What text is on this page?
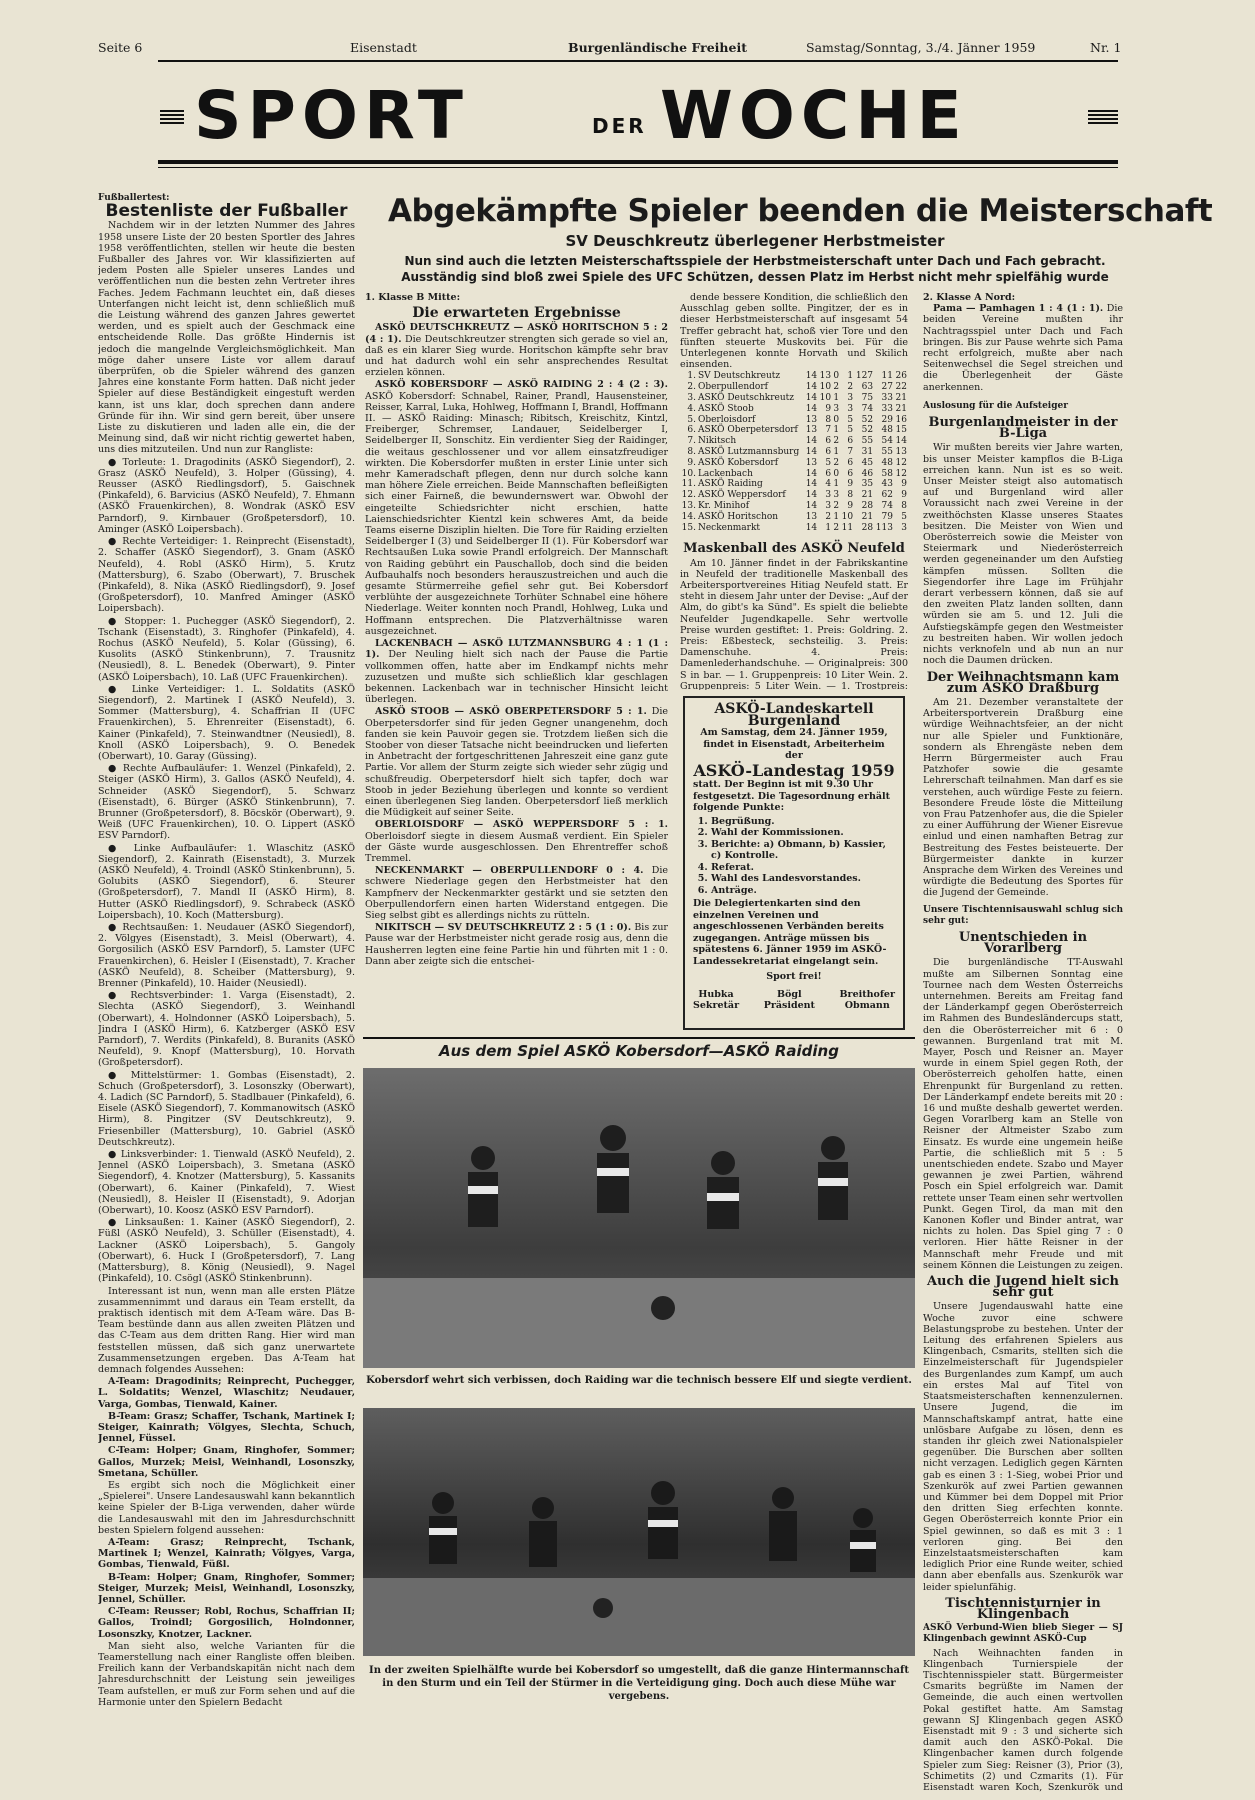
Seite 6	Eisenstadt	Burgenländische Freiheit	Samstag/Sonntag, 3./4. Jänner 1959	Nr. 1
SPORT	DER WOCHE
Fußballertest:
Bestenliste der Fußballer

Nachdem wir in der letzten Nummer des Jahres 1958 unsere Liste der 20 besten Sportler des Jahres 1958 veröffentlichten, stellen wir heute die besten Fußballer des Jahres vor. Wir klassifizierten auf jedem Posten alle Spieler unseres Landes und veröffentlichen nun die besten zehn Vertreter ihres Faches. Jedem Fachmann leuchtet ein, daß dieses Unterfangen nicht leicht ist, denn schließlich muß die Leistung während des ganzen Jahres gewertet werden, und es spielt auch der Geschmack eine entscheidende Rolle. Das größte Hindernis ist jedoch die mangelnde Vergleichsmöglichkeit. Man möge daher unsere Liste vor allem darauf überprüfen, ob die Spieler während des ganzen Jahres eine konstante Form hatten. Daß nicht jeder Spieler auf diese Beständigkeit eingestuft werden kann, ist uns klar, doch sprechen dann andere Gründe für ihn. Wir sind gern bereit, über unsere Liste zu diskutieren und laden alle ein, die der Meinung sind, daß wir nicht richtig gewertet haben, uns dies mitzuteilen. Und nun zur Rangliste:

● Torleute: 1. Dragodinits (ASKÖ Siegendorf), 2. Grasz (ASKÖ Neufeld), 3. Holper (Güssing), 4. Reusser (ASKÖ Riedlingsdorf), 5. Gaischnek (Pinkafeld), 6. Barvicius (ASKÖ Neufeld), 7. Ehmann (ASKÖ Frauenkirchen), 8. Wondrak (ASKÖ ESV Parndorf), 9. Kirnbauer (Großpetersdorf), 10. Aminger (ASKÖ Loipersbach).

● Rechte Verteidiger: 1. Reinprecht (Eisenstadt), 2. Schaffer (ASKÖ Siegendorf), 3. Gnam (ASKÖ Neufeld), 4. Robl (ASKÖ Hirm), 5. Krutz (Mattersburg), 6. Szabo (Oberwart), 7. Bruschek (Pinkafeld), 8. Nika (ASKÖ Riedlingsdorf), 9. Josef (Großpetersdorf), 10. Manfred Aminger (ASKÖ Loipersbach).

● Stopper: 1. Puchegger (ASKÖ Siegendorf), 2. Tschank (Eisenstadt), 3. Ringhofer (Pinkafeld), 4. Rochus (ASKÖ Neufeld), 5. Kolar (Güssing), 6. Kusolits (ASKÖ Stinkenbrunn), 7. Trausnitz (Neusiedl), 8. L. Benedek (Oberwart), 9. Pinter (ASKÖ Loipersbach), 10. Laß (UFC Frauenkirchen).

● Linke Verteidiger: 1. L. Soldatits (ASKÖ Siegendorf), 2. Martinek I (ASKÖ Neufeld), 3. Sommer (Mattersburg), 4. Schaffrian II (UFC Frauenkirchen), 5. Ehrenreiter (Eisenstadt), 6. Kainer (Pinkafeld), 7. Steinwandtner (Neusiedl), 8. Knoll (ASKÖ Loipersbach), 9. O. Benedek (Oberwart), 10. Garay (Güssing).

● Rechte Aufbauläufer: 1. Wenzel (Pinkafeld), 2. Steiger (ASKÖ Hirm), 3. Gallos (ASKÖ Neufeld), 4. Schneider (ASKÖ Siegendorf), 5. Schwarz (Eisenstadt), 6. Bürger (ASKÖ Stinkenbrunn), 7. Brunner (Großpetersdorf), 8. Böcskör (Oberwart), 9. Weiß (UFC Frauenkirchen), 10. O. Lippert (ASKÖ ESV Parndorf).

● Linke Aufbauläufer: 1. Wlaschitz (ASKÖ Siegendorf), 2. Kainrath (Eisenstadt), 3. Murzek (ASKÖ Neufeld), 4. Troindl (ASKÖ Stinkenbrunn), 5. Golubits (ASKÖ Siegendorf), 6. Steurer (Großpetersdorf), 7. Mandl II (ASKÖ Hirm), 8. Hutter (ASKÖ Riedlingsdorf), 9. Schrabeck (ASKÖ Loipersbach), 10. Koch (Mattersburg).

● Rechtsaußen: 1. Neudauer (ASKÖ Siegendorf), 2. Völgyes (Eisenstadt), 3. Meisl (Oberwart), 4. Gorgosilich (ASKÖ ESV Parndorf), 5. Lamster (UFC Frauenkirchen), 6. Heisler I (Eisenstadt), 7. Kracher (ASKÖ Neufeld), 8. Scheiber (Mattersburg), 9. Brenner (Pinkafeld), 10. Haider (Neusiedl).

● Rechtsverbinder: 1. Varga (Eisenstadt), 2. Slechta (ASKÖ Siegendorf), 3. Weinhandl (Oberwart), 4. Holndonner (ASKÖ Loipersbach), 5. Jindra I (ASKÖ Hirm), 6. Katzberger (ASKÖ ESV Parndorf), 7. Werdits (Pinkafeld), 8. Buranits (ASKÖ Neufeld), 9. Knopf (Mattersburg), 10. Horvath (Großpetersdorf).

● Mittelstürmer: 1. Gombas (Eisenstadt), 2. Schuch (Großpetersdorf), 3. Losonszky (Oberwart), 4. Ladich (SC Parndorf), 5. Stadlbauer (Pinkafeld), 6. Eisele (ASKÖ Siegendorf), 7. Kommanowitsch (ASKÖ Hirm), 8. Pingitzer (SV Deutschkreutz), 9. Friesenbiller (Mattersburg), 10. Gabriel (ASKÖ Deutschkreutz).

● Linksverbinder: 1. Tienwald (ASKÖ Neufeld), 2. Jennel (ASKÖ Loipersbach), 3. Smetana (ASKÖ Siegendorf), 4. Knotzer (Mattersburg), 5. Kassanits (Oberwart), 6. Kainer (Pinkafeld), 7. Wiest (Neusiedl), 8. Heisler II (Eisenstadt), 9. Adorjan (Oberwart), 10. Koosz (ASKÖ ESV Parndorf).

● Linksaußen: 1. Kainer (ASKÖ Siegendorf), 2. Füßl (ASKÖ Neufeld), 3. Schüller (Eisenstadt), 4. Lackner (ASKÖ Loipersbach), 5. Gangoly (Oberwart), 6. Huck I (Großpetersdorf), 7. Lang (Mattersburg), 8. König (Neusiedl), 9. Nagel (Pinkafeld), 10. Csögl (ASKÖ Stinkenbrunn).

Interessant ist nun, wenn man alle ersten Plätze zusammennimmt und daraus ein Team erstellt, da praktisch identisch mit dem A-Team wäre. Das B-Team bestünde dann aus allen zweiten Plätzen und das C-Team aus dem dritten Rang. Hier wird man feststellen müssen, daß sich ganz unerwartete Zusammensetzungen ergeben. Das A-Team hat demnach folgendes Aussehen:

A-Team: Dragodinits; Reinprecht, Puchegger, L. Soldatits; Wenzel, Wlaschitz; Neudauer, Varga, Gombas, Tienwald, Kainer.

B-Team: Grasz; Schaffer, Tschank, Martinek I; Steiger, Kainrath; Völgyes, Slechta, Schuch, Jennel, Füssel.

C-Team: Holper; Gnam, Ringhofer, Sommer; Gallos, Murzek; Meisl, Weinhandl, Losonszky, Smetana, Schüller.

Es ergibt sich noch die Möglichkeit einer „Spielerei". Unsere Landesauswahl kann bekanntlich keine Spieler der B-Liga verwenden, daher würde die Landesauswahl mit den im Jahresdurchschnitt besten Spielern folgend aussehen:

A-Team: Grasz; Reinprecht, Tschank, Martinek I; Wenzel, Kainrath; Völgyes, Varga, Gombas, Tienwald, Füßl.

B-Team: Holper; Gnam, Ringhofer, Sommer; Steiger, Murzek; Meisl, Weinhandl, Losonszky, Jennel, Schüller.

C-Team: Reusser; Robl, Rochus, Schaffrian II; Gallos, Troindl; Gorgosilich, Holndonner, Losonszky, Knotzer, Lackner.

Man sieht also, welche Varianten für die Teamerstellung nach einer Rangliste offen bleiben. Freilich kann der Verbandskapitän nicht nach dem Jahresdurchschnitt der Leistung sein jeweiliges Team aufstellen, er muß zur Form sehen und auf die Harmonie unter den Spielern Bedacht

Abgekämpfte Spieler beenden die Meisterschaft
SV Deuschkreutz überlegener Herbstmeister
Nun sind auch die letzten Meisterschaftsspiele der Herbstmeisterschaft unter Dach und Fach gebracht. Ausständig sind bloß zwei Spiele des UFC Schützen, dessen Platz im Herbst nicht mehr spielfähig wurde
1. Klasse B Mitte:
Die erwarteten Ergebnisse

ASKÖ DEUTSCHKREUTZ — ASKÖ HORITSCHON 5 : 2 (4 : 1). Die Deutschkreutzer strengten sich gerade so viel an, daß es ein klarer Sieg wurde. Horitschon kämpfte sehr brav und hat dadurch wohl ein sehr ansprechendes Resultat erzielen können.

ASKÖ KOBERSDORF — ASKÖ RAIDING 2 : 4 (2 : 3). ASKÖ Kobersdorf: Schnabel, Rainer, Prandl, Hausensteiner, Reisser, Karral, Luka, Hohlweg, Hoffmann I, Brandl, Hoffmann II. — ASKÖ Raiding: Minasch; Ribitsch, Kreischitz, Kintzl, Freiberger, Schremser, Landauer, Seidelberger I, Seidelberger II, Sonschitz. Ein verdienter Sieg der Raidinger, die weitaus geschlossener und vor allem einsatzfreudiger wirkten. Die Kobersdorfer mußten in erster Linie unter sich mehr Kameradschaft pflegen, denn nur durch solche kann man höhere Ziele erreichen. Beide Mannschaften befleißigten sich einer Fairneß, die bewundernswert war. Obwohl der eingeteilte Schiedsrichter nicht erschien, hatte Laienschiedsrichter Kientzl kein schweres Amt, da beide Teams eiserne Disziplin hielten. Die Tore für Raiding erzielten Seidelberger I (3) und Seidelberger II (1). Für Kobersdorf war Rechtsaußen Luka sowie Prandl erfolgreich. Der Mannschaft von Raiding gebührt ein Pauschallob, doch sind die beiden Aufbauhalfs noch besonders herauszustreichen und auch die gesamte Stürmerreihe gefiel sehr gut. Bei Kobersdorf verblühte der ausgezeichnete Torhüter Schnabel eine höhere Niederlage. Weiter konnten noch Prandl, Hohlweg, Luka und Hoffmann entsprechen. Die Platzverhältnisse waren ausgezeichnet.

LACKENBACH — ASKÖ LUTZMANNSBURG 4 : 1 (1 : 1). Der Neuling hielt sich nach der Pause die Partie vollkommen offen, hatte aber im Endkampf nichts mehr zuzusetzen und mußte sich schließlich klar geschlagen bekennen. Lackenbach war in technischer Hinsicht leicht überlegen.

ASKÖ STOOB — ASKÖ OBERPETERSDORF 5 : 1. Die Oberpetersdorfer sind für jeden Gegner unangenehm, doch fanden sie kein Pauvoir gegen sie. Trotzdem ließen sich die Stoober von dieser Tatsache nicht beeindrucken und lieferten in Anbetracht der fortgeschrittenen Jahreszeit eine ganz gute Partie. Vor allem der Sturm zeigte sich wieder sehr zügig und schußfreudig. Oberpetersdorf hielt sich tapfer, doch war Stoob in jeder Beziehung überlegen und konnte so verdient einen überlegenen Sieg landen. Oberpetersdorf ließ merklich die Müdigkeit auf seiner Seite.

OBERLOISDORF — ASKÖ WEPPERSDORF 5 : 1. Oberloisdorf siegte in diesem Ausmaß verdient. Ein Spieler der Gäste wurde ausgeschlossen. Den Ehrentreffer schoß Tremmel.

NECKENMARKT — OBERPULLENDORF 0 : 4. Die schwere Niederlage gegen den Herbstmeister hat den Kampfnerv der Neckenmarkter gestärkt und sie setzten den Oberpullendorfern einen harten Widerstand entgegen. Die Sieg selbst gibt es allerdings nichts zu rütteln.

NIKITSCH — SV DEUTSCHKREUTZ 2 : 5 (1 : 0). Bis zur Pause war der Herbstmeister nicht gerade rosig aus, denn die Hausherren legten eine feine Partie hin und führten mit 1 : 0. Dann aber zeigte sich die entschei-

dende bessere Kondition, die schließlich den Ausschlag geben sollte. Pingitzer, der es in dieser Herbstmeisterschaft auf insgesamt 54 Treffer gebracht hat, schoß vier Tore und den fünften steuerte Muskovits bei. Für die Unterlegenen konnte Horvath und Skilich einsenden.

1.	SV Deutschkreutz	14	13	0	1	127	11	26
2.	Oberpullendorf	14	10	2	2	63	27	22
3.	ASKÖ Deutschkreutz	14	10	1	3	75	33	21
4.	ASKÖ Stoob	14	9	3	3	74	33	21
5.	Oberloisdorf	13	8	0	5	52	29	16
6.	ASKÖ Oberpetersdorf	13	7	1	5	52	48	15
7.	Nikitsch	14	6	2	6	55	54	14
8.	ASKÖ Lutzmannsburg	14	6	1	7	31	55	13
9.	ASKÖ Kobersdorf	13	5	2	6	45	48	12
10.	Lackenbach	14	6	0	6	46	58	12
11.	ASKÖ Raiding	14	4	1	9	35	43	9
12.	ASKÖ Weppersdorf	14	3	3	8	21	62	9
13.	Kr. Minihof	14	3	2	9	28	74	8
14.	ASKÖ Horitschon	13	2	1	10	21	79	5
15.	Neckenmarkt	14	1	2	11	28	113	3
Maskenball des ASKÖ Neufeld

Am 10. Jänner findet in der Fabrikskantine in Neufeld der traditionelle Maskenball des Arbeitersportvereines Hitiag Neufeld statt. Er steht in diesem Jahr unter der Devise: „Auf der Alm, do gibt's ka Sünd". Es spielt die beliebte Neufelder Jugendkapelle. Sehr wertvolle Preise wurden gestiftet: 1. Preis: Goldring. 2. Preis: Eßbesteck, sechsteilig. 3. Preis: Damenschuhe. 4. Preis: Damenlederhandschuhe. — Originalpreis: 300 S in bar. — 1. Gruppenpreis: 10 Liter Wein. 2. Gruppenpreis: 5 Liter Wein. — 1. Trostpreis:

ASKÖ-Landeskartell Burgenland
Am Samstag, dem 24. Jänner 1959, findet in Eisenstadt, Arbeiterheim der
ASKÖ-Landestag 1959
statt. Der Beginn ist mit 9.30 Uhr festgesetzt. Die Tagesordnung erhält folgende Punkte:
1. Begrüßung.
2. Wahl der Kommissionen.
3. Berichte: a) Obmann, b) Kassier, c) Kontrolle.
4. Referat.
5. Wahl des Landesvorstandes.
6. Anträge.
Die Delegiertenkarten sind den einzelnen Vereinen und angeschlossenen Verbänden bereits zugegangen. Anträge müssen bis spätestens 6. Jänner 1959 im ASKÖ-Landessekretariat eingelangt sein.
Sport frei!
Hubka
Sekretär
Bögl
Präsident
Breithofer
Obmann
Aus dem Spiel ASKÖ Kobersdorf—ASKÖ Raiding
Kobersdorf wehrt sich verbissen, doch Raiding war die technisch bessere Elf und siegte verdient.
In der zweiten Spielhälfte wurde bei Kobersdorf so umgestellt, daß die ganze Hintermannschaft in den Sturm und ein Teil der Stürmer in die Verteidigung ging. Doch auch diese Mühe war vergebens.
2. Klasse A Nord:

Pama — Pamhagen 1 : 4 (1 : 1). Die beiden Vereine mußten ihr Nachtragsspiel unter Dach und Fach bringen. Bis zur Pause wehrte sich Pama recht erfolgreich, mußte aber nach Seitenwechsel die Segel streichen und die Überlegenheit der Gäste anerkennen.

Auslosung für die Aufsteiger
Burgenlandmeister in der B-Liga

Wir mußten bereits vier Jahre warten, bis unser Meister kampflos die B-Liga erreichen kann. Nun ist es so weit. Unser Meister steigt also automatisch auf und Burgenland wird aller Voraussicht nach zwei Vereine in der zweithöchsten Klasse unseres Staates besitzen. Die Meister von Wien und Oberösterreich sowie die Meister von Steiermark und Niederösterreich werden gegeneinander um den Aufstieg kämpfen müssen. Sollten die Siegendorfer ihre Lage im Frühjahr derart verbessern können, daß sie auf den zweiten Platz landen sollten, dann würden sie am 5. und 12. Juli die Aufstiegskämpfe gegen den Westmeister zu bestreiten haben. Wir wollen jedoch nichts verknofeln und ab nun an nur noch die Daumen drücken.

Der Weihnachtsmann kam zum ASKÖ Draßburg

Am 21. Dezember veranstaltete der Arbeitersportverein Draßburg eine würdige Weihnachtsfeier, an der nicht nur alle Spieler und Funktionäre, sondern als Ehrengäste neben dem Herrn Bürgermeister auch Frau Patzhofer sowie die gesamte Lehrerschaft teilnahmen. Man darf es sie verstehen, auch würdige Feste zu feiern. Besondere Freude löste die Mitteilung von Frau Patzenhofer aus, die die Spieler zu einer Aufführung der Wiener Eisrevue einlud und einen namhaften Betrag zur Bestreitung des Festes beisteuerte. Der Bürgermeister dankte in kurzer Ansprache dem Wirken des Vereines und würdigte die Bedeutung des Sportes für die Jugend der Gemeinde.

Unsere Tischtennisauswahl schlug sich sehr gut:
Unentschieden in Vorarlberg

Die burgenländische TT-Auswahl mußte am Silbernen Sonntag eine Tournee nach dem Westen Österreichs unternehmen. Bereits am Freitag fand der Länderkampf gegen Oberösterreich im Rahmen des Bundesländercups statt, den die Oberösterreicher mit 6 : 0 gewannen. Burgenland trat mit M. Mayer, Posch und Reisner an. Mayer wurde in einem Spiel gegen Roth, der Oberösterreich geholfen hatte, einen Ehrenpunkt für Burgenland zu retten. Der Länderkampf endete bereits mit 20 : 16 und mußte deshalb gewertet werden. Gegen Vorarlberg kam an Stelle von Reisner der Altmeister Szabo zum Einsatz. Es wurde eine ungemein heiße Partie, die schließlich mit 5 : 5 unentschieden endete. Szabo und Mayer gewannen je zwei Partien, während Posch ein Spiel erfolgreich war. Damit rettete unser Team einen sehr wertvollen Punkt. Gegen Tirol, da man mit den Kanonen Kofler und Binder antrat, war nichts zu holen. Das Spiel ging 7 : 0 verloren. Hier hätte Reisner in der Mannschaft mehr Freude und mit seinem Können die Leistungen zu zeigen.

Auch die Jugend hielt sich sehr gut

Unsere Jugendauswahl hatte eine Woche zuvor eine schwere Belastungsprobe zu bestehen. Unter der Leitung des erfahrenen Spielers aus Klingenbach, Csmarits, stellten sich die Einzelmeisterschaft für Jugendspieler des Burgenlandes zum Kampf, um auch ein erstes Mal auf Titel von Staatsmeisterschaften kennenzulernen. Unsere Jugend, die im Mannschaftskampf antrat, hatte eine unlösbare Aufgabe zu lösen, denn es standen ihr gleich zwei Nationalspieler gegenüber. Die Burschen aber sollten nicht verzagen. Lediglich gegen Kärnten gab es einen 3 : 1-Sieg, wobei Prior und Szenkurök auf zwei Partien gewannen und Kümmer bei dem Doppel mit Prior den dritten Sieg erfechten konnte. Gegen Oberösterreich konnte Prior ein Spiel gewinnen, so daß es mit 3 : 1 verloren ging. Bei den Einzelstaatsmeisterschaften kam lediglich Prior eine Runde weiter, schied dann aber ebenfalls aus. Szenkurök war leider spielunfähig.

Tischtennisturnier in Klingenbach
ASKÖ Verbund-Wien blieb Sieger — SJ Klingenbach gewinnt ASKÖ-Cup

Nach Weihnachten fanden in Klingenbach Turnierspiele der Tischtennisspieler statt. Bürgermeister Csmarits begrüßte im Namen der Gemeinde, die auch einen wertvollen Pokal gestiftet hatte. Am Samstag gewann SJ Klingenbach gegen ASKÖ Eisenstadt mit 9 : 3 und sicherte sich damit auch den ASKÖ-Pokal. Die Klingenbacher kamen durch folgende Spieler zum Sieg: Reisner (3), Prior (3), Schimetits (2) und Czmarits (1). Für Eisenstadt waren Koch, Szenkurök und
